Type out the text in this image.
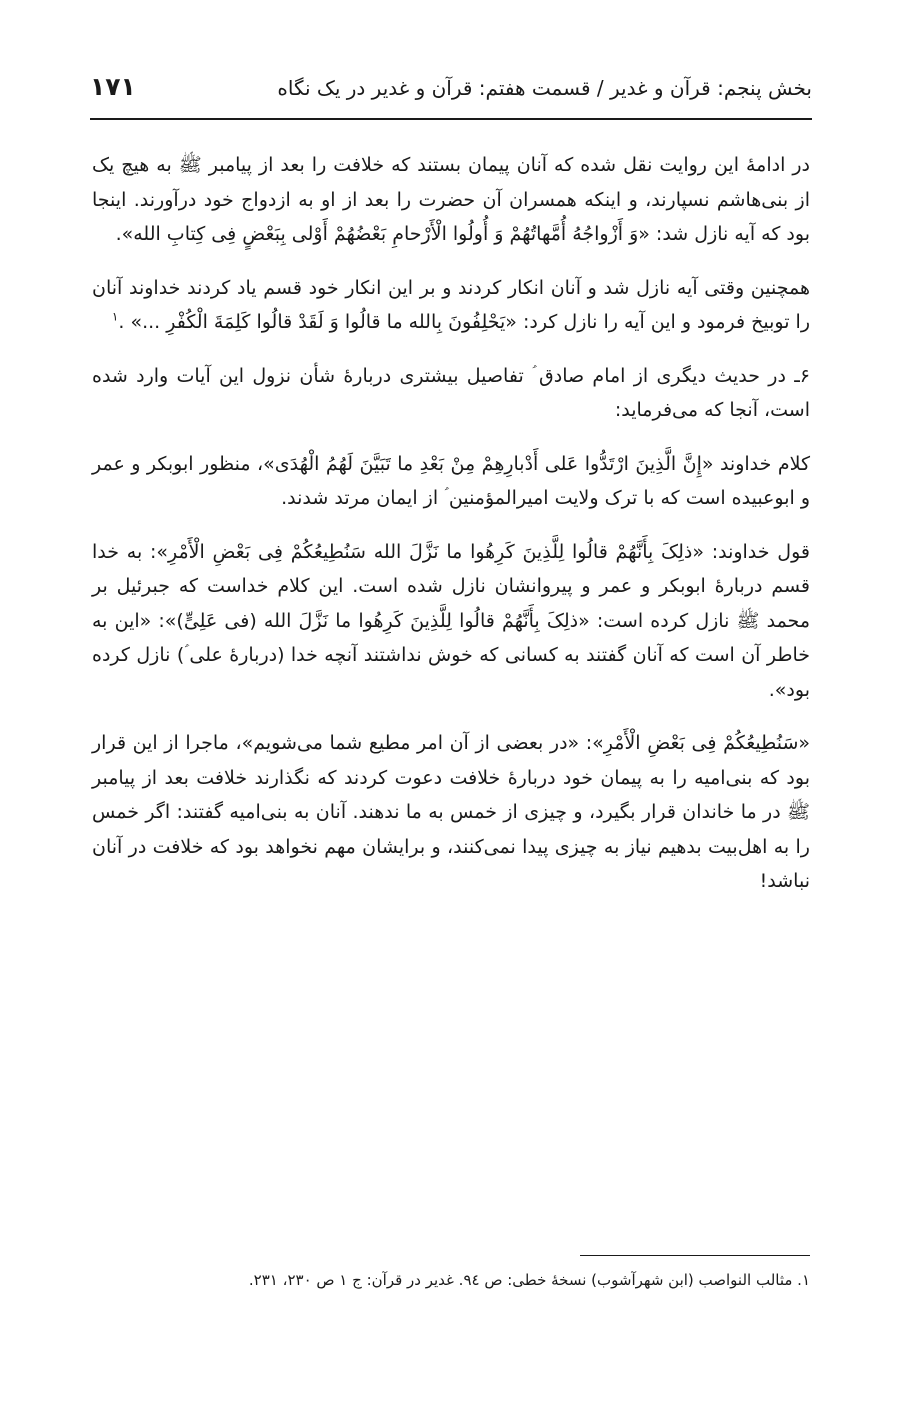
بخش پنجم: قرآن و غدیر / قسمت هفتم: قرآن و غدیر در یک نگاه
١٧١

در ادامهٔ این روایت نقل شده که آنان پیمان بستند که خلافت را بعد از پیامبر ﷺ به هیچ یک از بنی‌هاشم نسپارند، و اینکه همسران آن حضرت را بعد از او به ازدواج خود درآورند. اینجا بود که آیه نازل شد: «وَ أَزْواجُهُ أُمَّهاتُهُمْ وَ أُولُوا الْأَرْحامِ بَعْضُهُمْ أَوْلی بِبَعْضٍ فِی کِتابِ الله».

همچنین وقتی آیه نازل شد و آنان انکار کردند و بر این انکار خود قسم یاد کردند خداوند آنان را توبیخ فرمود و این آیه را نازل کرد: «یَحْلِفُونَ بِالله ما قالُوا وَ لَقَدْ قالُوا کَلِمَةَ الْکُفْرِ ...» .$^١$

۶ـ در حدیث دیگری از امام صادق ؑ تفاصیل بیشتری دربارهٔ شأن نزول این آیات وارد شده است، آنجا که می‌فرماید:

کلام خداوند «إِنَّ الَّذِینَ ارْتَدُّوا عَلی أَدْبارِهِمْ مِنْ بَعْدِ ما تَبَیَّنَ لَهُمُ الْهُدَی»، منظور ابوبکر و عمر و ابوعبیده است که با ترک ولایت امیرالمؤمنین ؑ از ایمان مرتد شدند.

قول خداوند: «ذلِکَ بِأَنَّهُمْ قالُوا لِلَّذِینَ کَرِهُوا ما نَزَّلَ الله سَنُطِیعُکُمْ فِی بَعْضِ الْأَمْرِ»: به خدا قسم دربارهٔ ابوبکر و عمر و پیروانشان نازل شده است. این کلام خداست که جبرئیل بر محمد ﷺ نازل کرده است: «ذلِکَ بِأَنَّهُمْ قالُوا لِلَّذِینَ کَرِهُوا ما نَزَّلَ الله (فی عَلِیٍّ)»: «این به خاطر آن است که آنان گفتند به کسانی که خوش نداشتند آنچه خدا (دربارهٔ علی ؑ) نازل کرده بود».

«سَنُطِیعُکُمْ فِی بَعْضِ الْأَمْرِ»: «در بعضی از آن امر مطیع شما می‌شویم»، ماجرا از این قرار بود که بنی‌امیه را به پیمان خود دربارهٔ خلافت دعوت کردند که نگذارند خلافت بعد از پیامبر ﷺ در ما خاندان قرار بگیرد، و چیزی از خمس به ما ندهند. آنان به بنی‌امیه گفتند: اگر خمس را به اهل‌بیت بدهیم نیاز به چیزی پیدا نمی‌کنند، و برایشان مهم نخواهد بود که خلافت در آنان نباشد!

١. مثالب النواصب (ابن شهرآشوب) نسخهٔ خطی: ص ٩٤. غدیر در قرآن: ج ١ ص ٢٣٠، ٢٣١.
